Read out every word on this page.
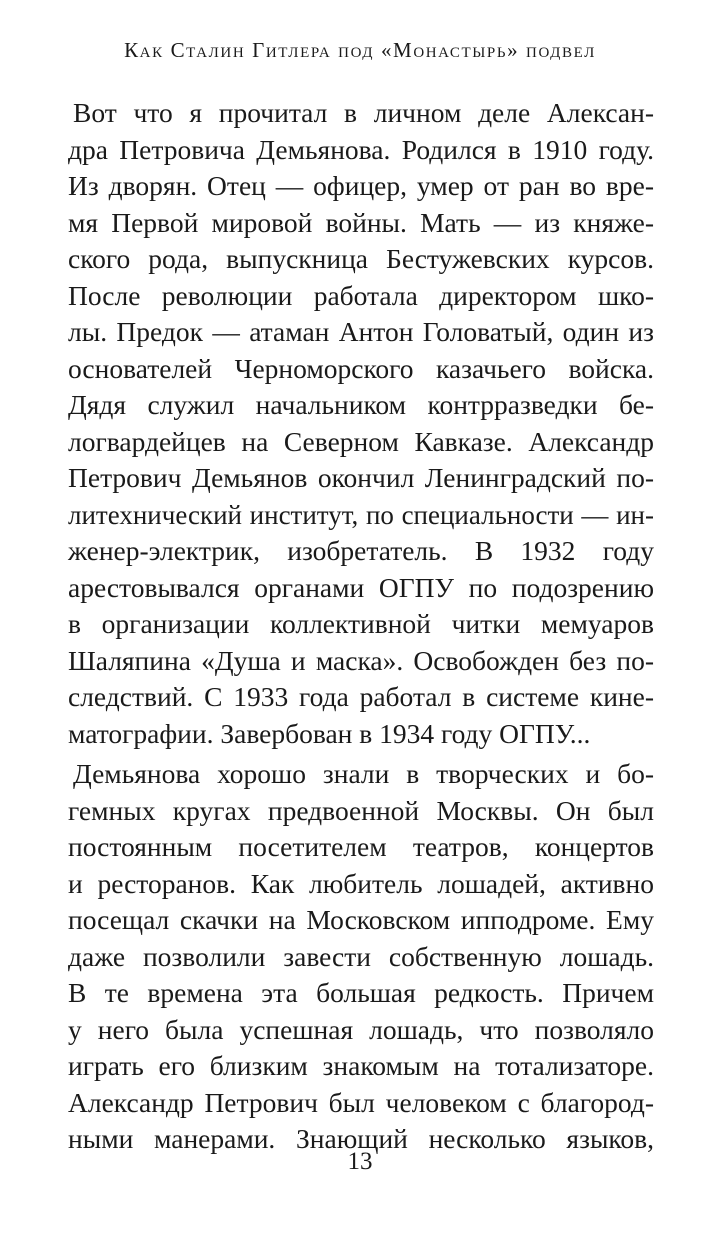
Как Сталин Гитлера под «Монастырь» подвел
Вот что я прочитал в личном деле Алексан-
дра Петровича Демьянова. Родился в 1910 году.
Из дворян. Отец — офицер, умер от ран во вре-
мя Первой мировой войны. Мать — из княже-
ского рода, выпускница Бестужевских курсов.
После революции работала директором шко-
лы. Предок — атаман Антон Головатый, один из
основателей Черноморского казачьего войска.
Дядя служил начальником контрразведки бе-
логвардейцев на Северном Кавказе. Александр
Петрович Демьянов окончил Ленинградский по-
литехнический институт, по специальности — ин-
женер-электрик, изобретатель. В 1932 году
арестовывался органами ОГПУ по подозрению
в организации коллективной читки мемуаров
Шаляпина «Душа и маска». Освобожден без по-
следствий. С 1933 года работал в системе кине-
матографии. Завербован в 1934 году ОГПУ...
Демьянова хорошо знали в творческих и бо-
гемных кругах предвоенной Москвы. Он был
постоянным посетителем театров, концертов
и ресторанов. Как любитель лошадей, активно
посещал скачки на Московском ипподроме. Ему
даже позволили завести собственную лошадь.
В те времена эта большая редкость. Причем
у него была успешная лошадь, что позволяло
играть его близким знакомым на тотализаторе.
Александр Петрович был человеком с благород-
ными манерами. Знающий несколько языков,
13
